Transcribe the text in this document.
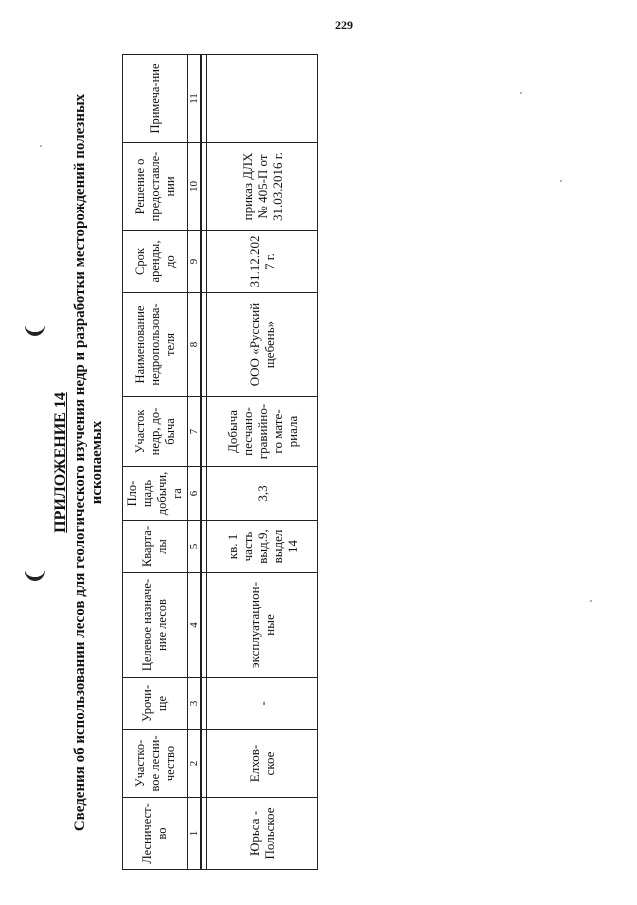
229
❩
❩
ПРИЛОЖЕНИЕ 14 Сведения об использовании лесов для геологического изучения недр и разработки месторождений полезных ископаемых
Лесничест-во	Участко-вое лесни-чество	Урочи-ще	Целевое назначе-ние лесов	Кварта-лы	Пло-щадь добычи, га	Участок недр, до-быча	Наименование недропользова-теля	Срок аренды, до	Решение о предоставле-нии	Примеча-ние
1	2	3	4	5	6	7	8	9	10	11

Юрьса - Польское	Елхов-ское	-	эксплуатацион-ные	кв. 1 часть выд.9, выдел 14	3,3	Добыча песчано-гравийно-го мате-риала	ООО «Русский щебень»	31.12.202 7 г.	приказ ДЛХ № 405-П от 31.03.2016 г.	
